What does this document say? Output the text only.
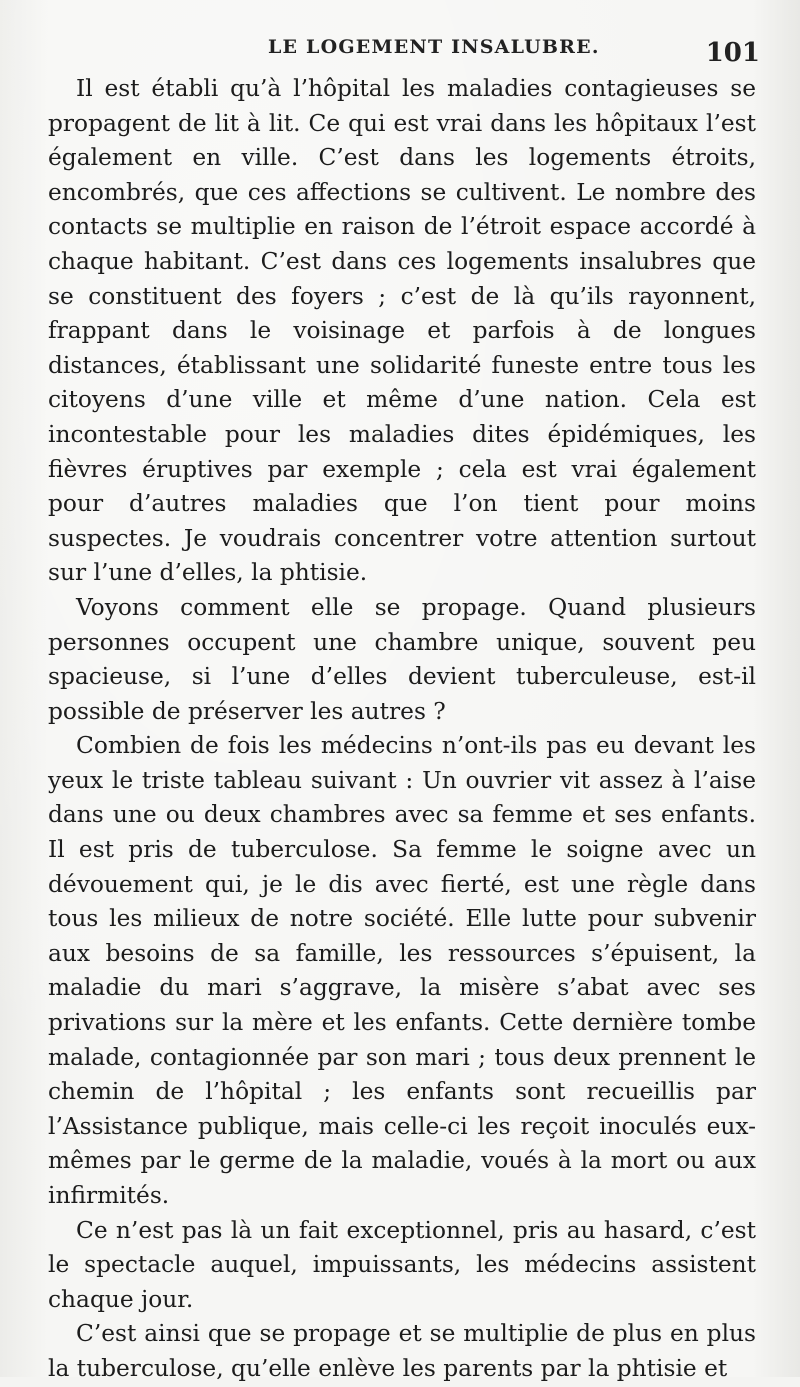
LE LOGEMENT INSALUBRE.	101

Il est établi qu’à l’hôpital les maladies contagieuses se propagent de lit à lit. Ce qui est vrai dans les hôpitaux l’est également en ville. C’est dans les logements étroits, encombrés, que ces affections se cultivent. Le nombre des contacts se multiplie en raison de l’étroit espace accordé à chaque habitant. C’est dans ces logements insalubres que se constituent des foyers ; c’est de là qu’ils rayonnent, frappant dans le voisinage et parfois à de longues distances, établissant une solidarité funeste entre tous les citoyens d’une ville et même d’une nation. Cela est incontestable pour les maladies dites épidémiques, les fièvres éruptives par exemple ; cela est vrai également pour d’autres maladies que l’on tient pour moins suspectes. Je voudrais concentrer votre attention surtout sur l’une d’elles, la phtisie.

Voyons comment elle se propage. Quand plusieurs personnes occupent une chambre unique, souvent peu spacieuse, si l’une d’elles devient tuberculeuse, est-il possible de préserver les autres ?

Combien de fois les médecins n’ont-ils pas eu devant les yeux le triste tableau suivant : Un ouvrier vit assez à l’aise dans une ou deux chambres avec sa femme et ses enfants. Il est pris de tuberculose. Sa femme le soigne avec un dévouement qui, je le dis avec fierté, est une règle dans tous les milieux de notre société. Elle lutte pour subvenir aux besoins de sa famille, les ressources s’épuisent, la maladie du mari s’aggrave, la misère s’abat avec ses privations sur la mère et les enfants. Cette dernière tombe malade, contagionnée par son mari ; tous deux prennent le chemin de l’hôpital ; les enfants sont recueillis par l’Assistance publique, mais celle-ci les reçoit inoculés eux-mêmes par le germe de la maladie, voués à la mort ou aux infirmités.

Ce n’est pas là un fait exceptionnel, pris au hasard, c’est le spectacle auquel, impuissants, les médecins assistent chaque jour.

C’est ainsi que se propage et se multiplie de plus en plus la tuberculose, qu’elle enlève les parents par la phtisie et
